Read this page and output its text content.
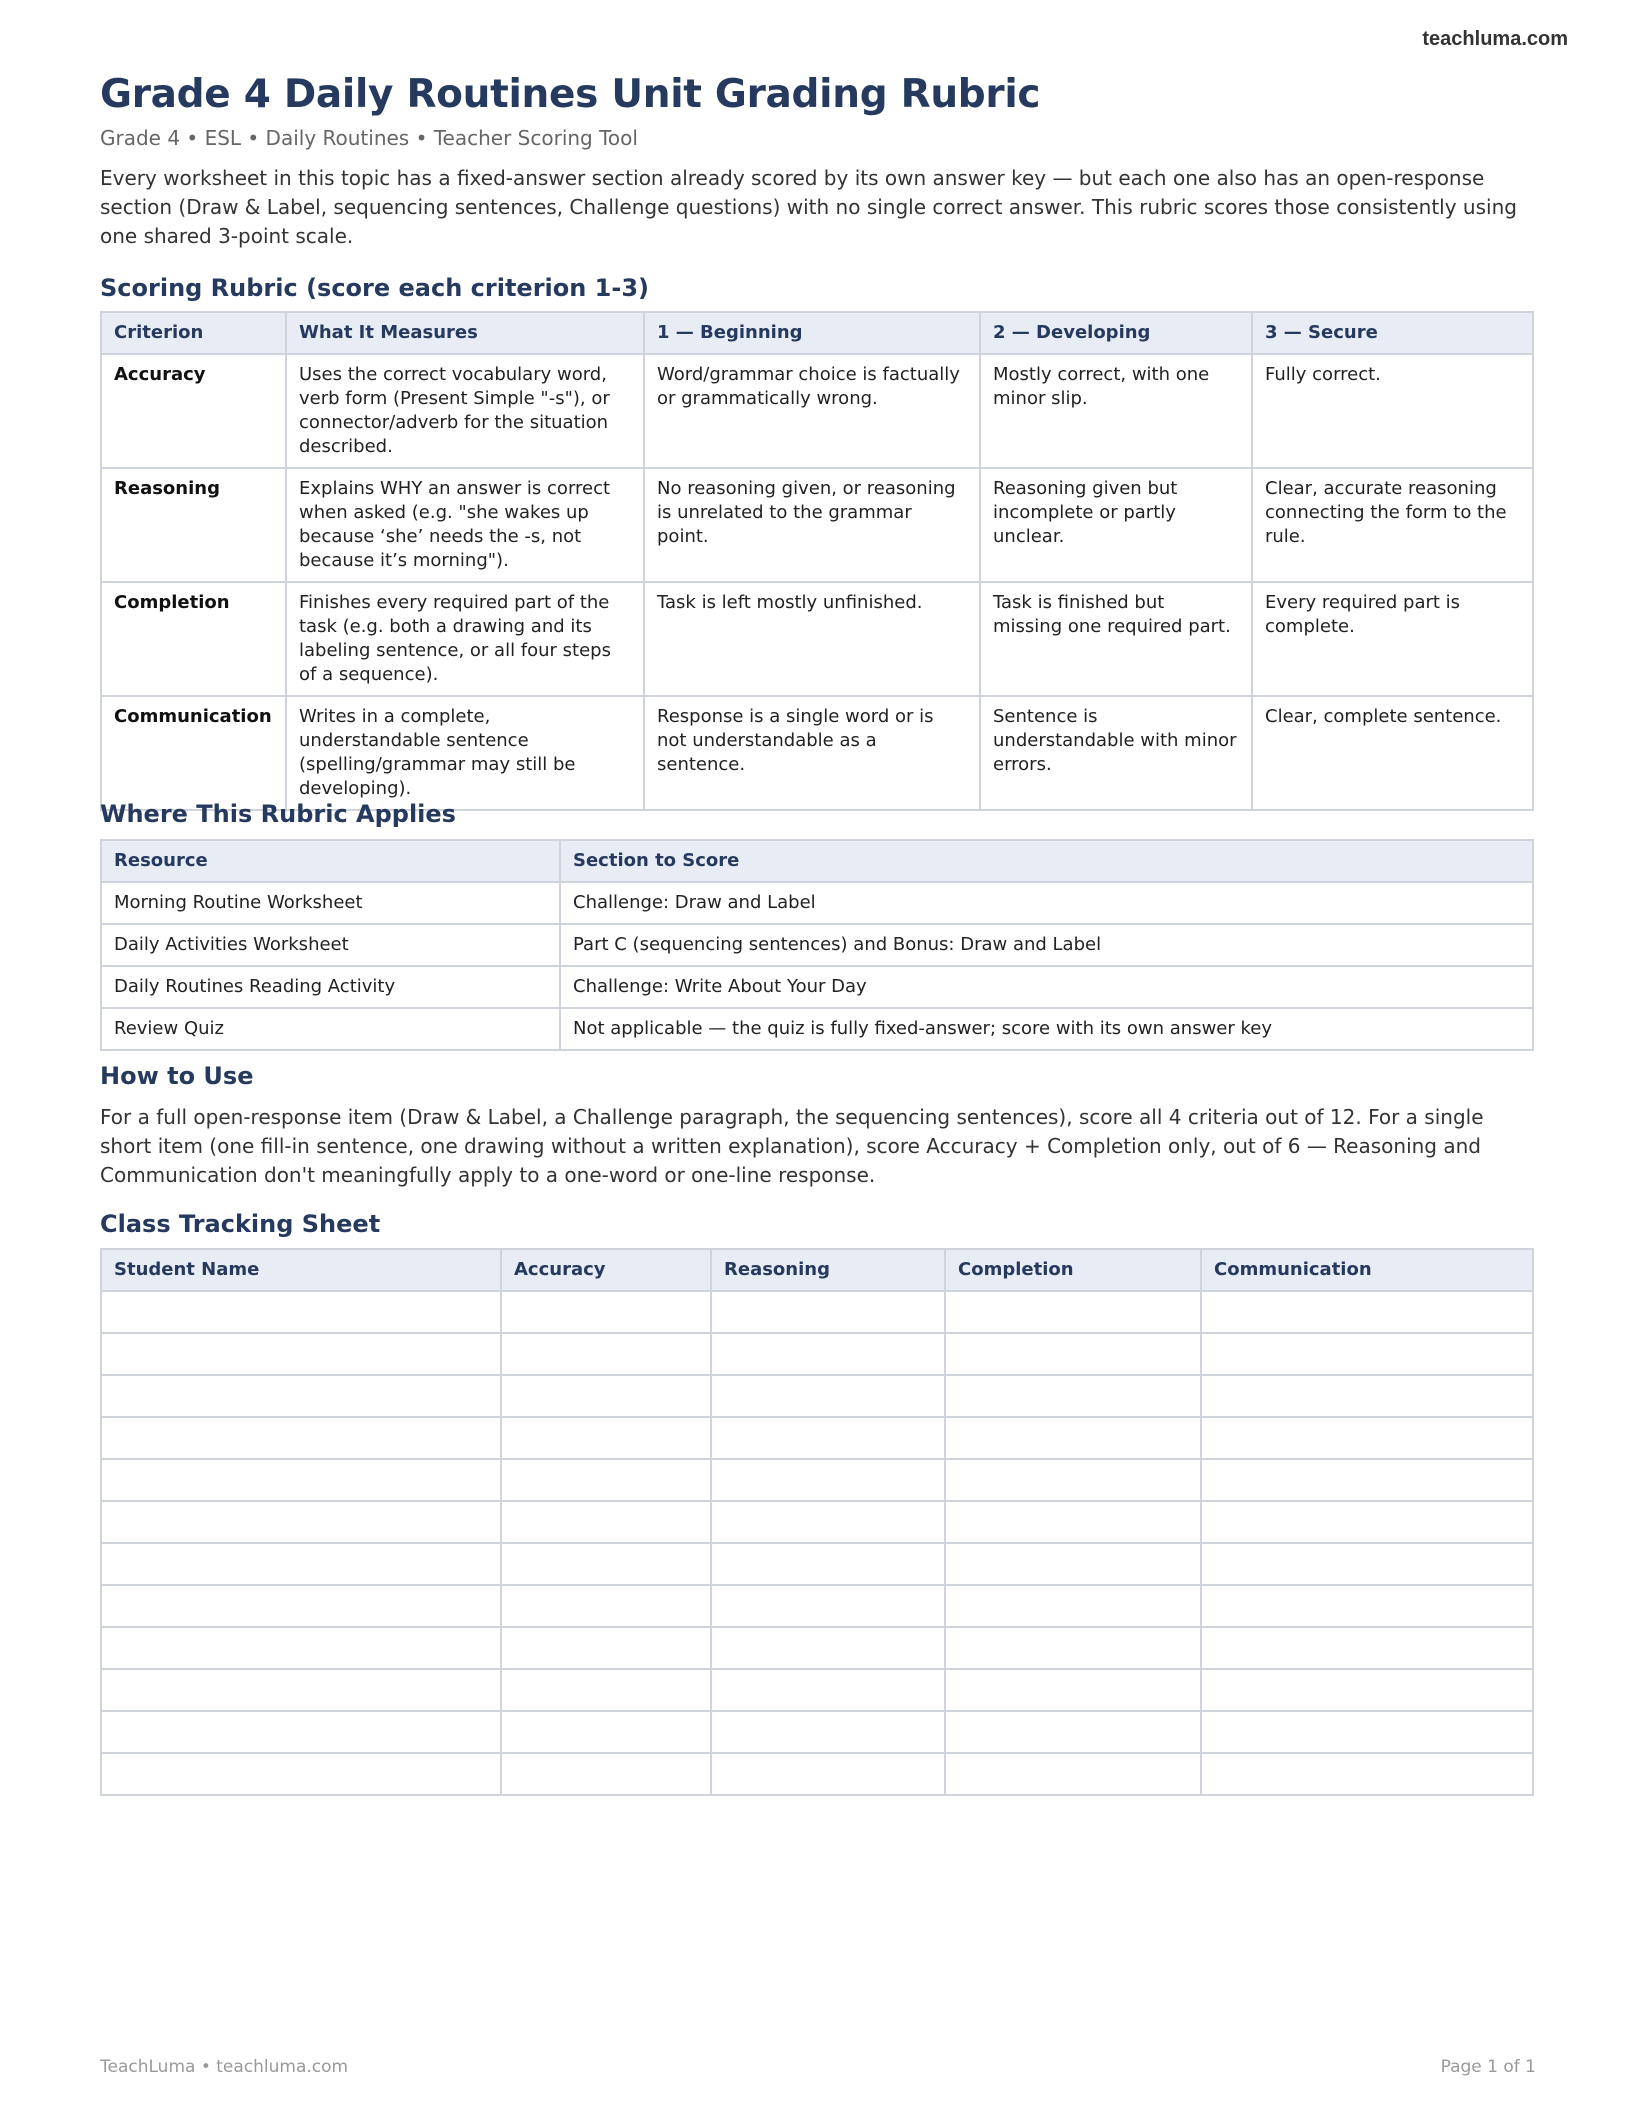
teachluma.com
Grade 4 Daily Routines Unit Grading Rubric
Grade 4 • ESL • Daily Routines • Teacher Scoring Tool
Every worksheet in this topic has a fixed-answer section already scored by its own answer key — but each one also has an open-response section (Draw & Label, sequencing sentences, Challenge questions) with no single correct answer. This rubric scores those consistently using one shared 3-point scale.
Scoring Rubric (score each criterion 1-3)
Criterion	What It Measures	1 — Beginning	2 — Developing	3 — Secure
Accuracy	Uses the correct vocabulary word, verb form (Present Simple "-s"), or connector/adverb for the situation described.	Word/grammar choice is factually or grammatically wrong.	Mostly correct, with one minor slip.	Fully correct.
Reasoning	Explains WHY an answer is correct when asked (e.g. "she wakes up because ‘she’ needs the -s, not because it’s morning").	No reasoning given, or reasoning is unrelated to the grammar point.	Reasoning given but incomplete or partly unclear.	Clear, accurate reasoning connecting the form to the rule.
Completion	Finishes every required part of the task (e.g. both a drawing and its labeling sentence, or all four steps of a sequence).	Task is left mostly unfinished.	Task is finished but missing one required part.	Every required part is complete.
Communication	Writes in a complete, understandable sentence (spelling/grammar may still be developing).	Response is a single word or is not understandable as a sentence.	Sentence is understandable with minor errors.	Clear, complete sentence.
Where This Rubric Applies
Resource	Section to Score
Morning Routine Worksheet	Challenge: Draw and Label
Daily Activities Worksheet	Part C (sequencing sentences) and Bonus: Draw and Label
Daily Routines Reading Activity	Challenge: Write About Your Day
Review Quiz	Not applicable — the quiz is fully fixed-answer; score with its own answer key
How to Use
For a full open-response item (Draw & Label, a Challenge paragraph, the sequencing sentences), score all 4 criteria out of 12. For a single short item (one fill-in sentence, one drawing without a written explanation), score Accuracy + Completion only, out of 6 — Reasoning and Communication don't meaningfully apply to a one-word or one-line response.
Class Tracking Sheet
Student Name	Accuracy	Reasoning	Completion	Communication

TeachLuma • teachluma.com	Page 1 of 1
